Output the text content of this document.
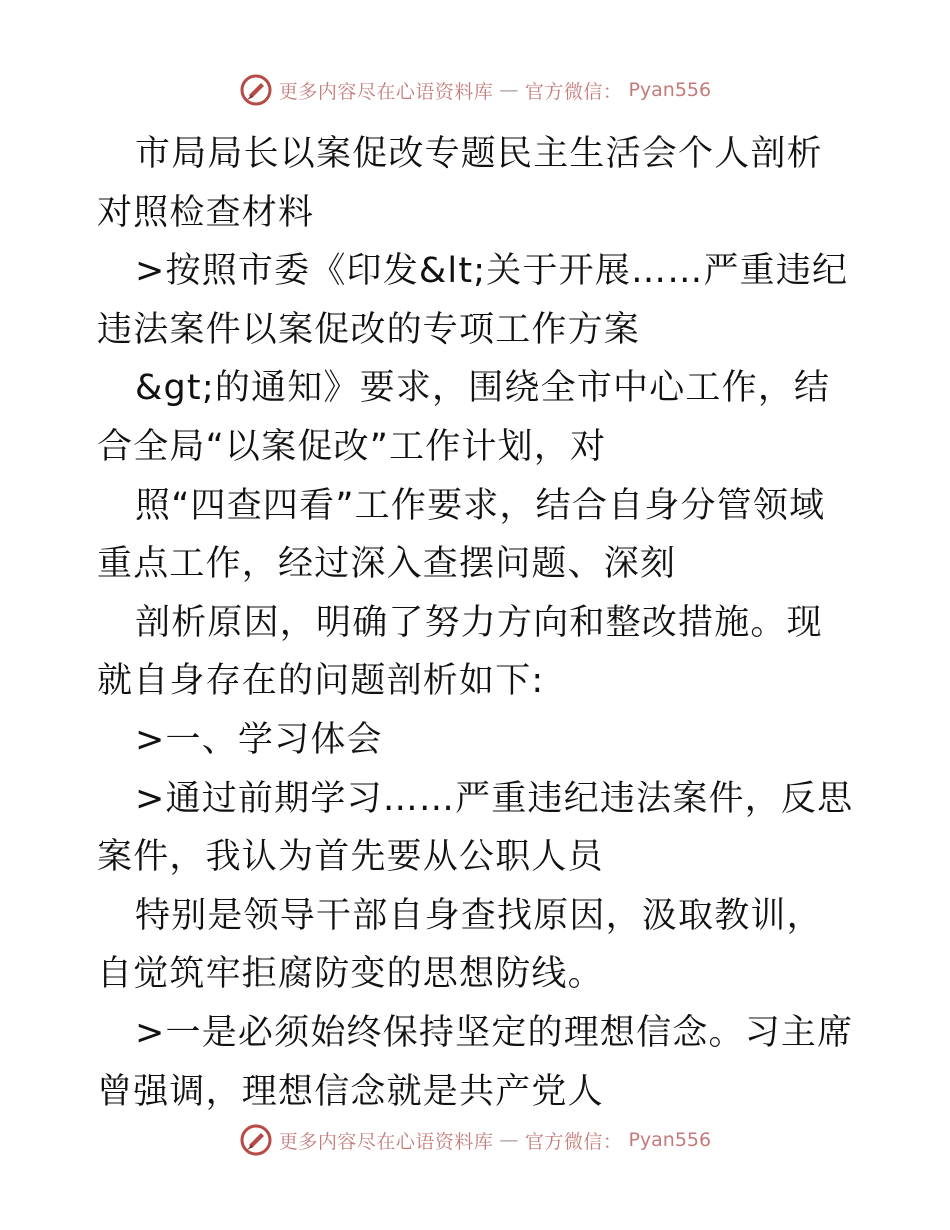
更多内容尽在心语资料库 — 官方微信： Pyan556

市局局长以案促改专题民主生活会个人剖析对照检查材料

>按照市委《印发&lt;关于开展……严重违纪违法案件以案促改的专项工作方案

&gt;的通知》要求，围绕全市中心工作，结合全局“以案促改”工作计划，对

照“四查四看”工作要求，结合自身分管领域重点工作，经过深入查摆问题、深刻

剖析原因，明确了努力方向和整改措施。现就自身存在的问题剖析如下:

>一、学习体会

>通过前期学习……严重违纪违法案件，反思案件，我认为首先要从公职人员

特别是领导干部自身查找原因，汲取教训，自觉筑牢拒腐防变的思想防线。

>一是必须始终保持坚定的理想信念。习主席曾强调，理想信念就是共产党人

更多内容尽在心语资料库 — 官方微信： Pyan556
